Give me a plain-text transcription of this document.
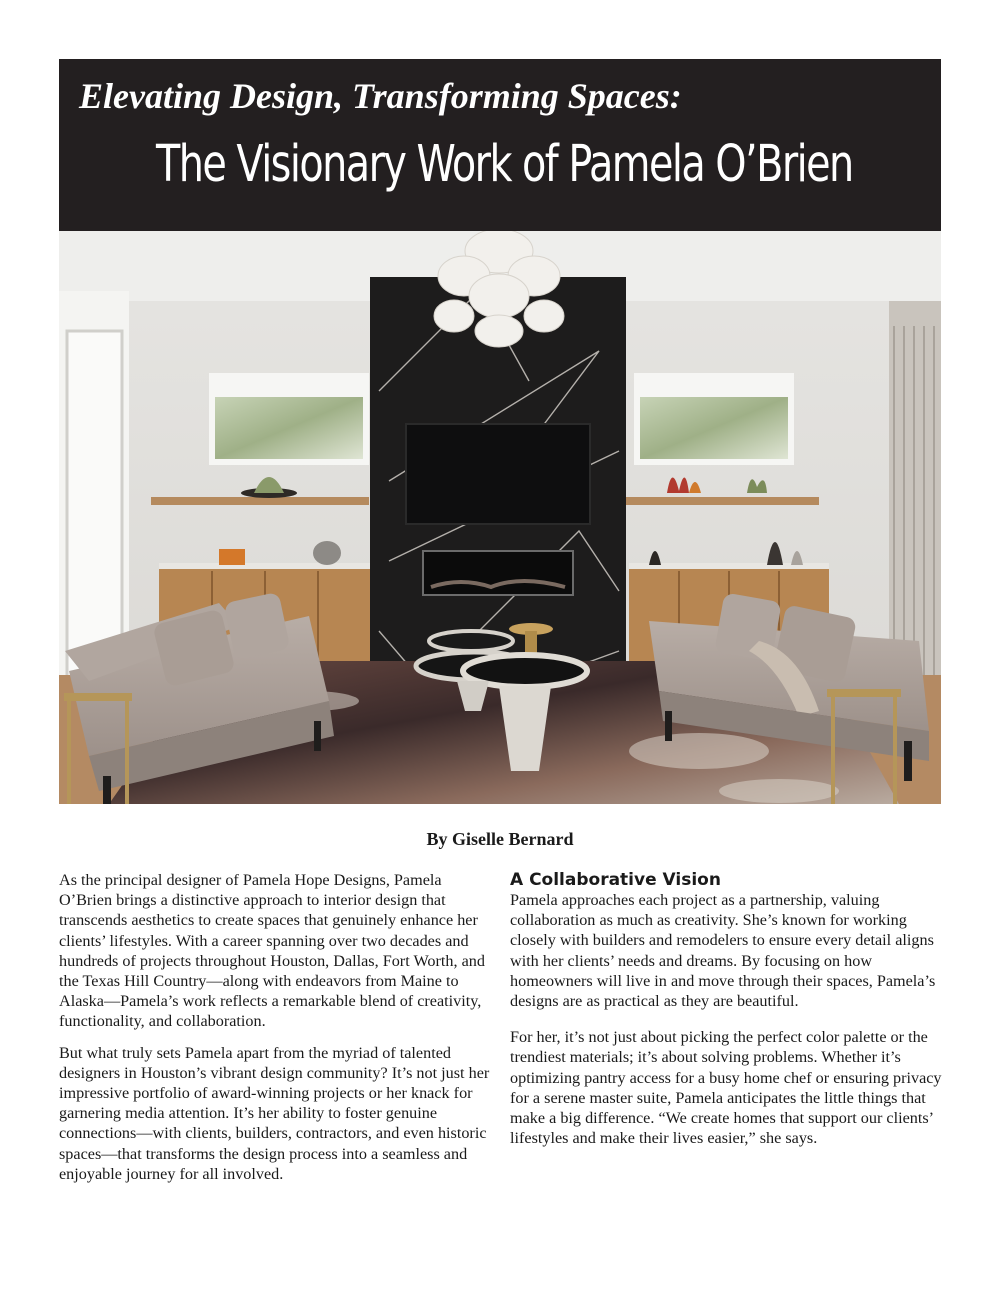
Elevating Design, Transforming Spaces:
The Visionary Work of Pamela O’Brien
By Giselle Bernard

As the principal designer of Pamela Hope Designs, Pamela O’Brien brings a distinctive approach to interior design that transcends aesthetics to create spaces that genuinely enhance her clients’ lifestyles. With a career spanning over two decades and hundreds of projects throughout Houston, Dallas, Fort Worth, and the Texas Hill Country—along with endeavors from Maine to Alaska—Pamela’s work reflects a remarkable blend of creativity, functionality, and collaboration.

But what truly sets Pamela apart from the myriad of talented designers in Houston’s vibrant design community? It’s not just her impressive portfolio of award-winning projects or her knack for garnering media attention. It’s her ability to foster genuine connections—with clients, builders, contractors, and even historic spaces—that transforms the design process into a seamless and enjoyable journey for all involved.

A Collaborative Vision

Pamela approaches each project as a partnership, valuing collaboration as much as creativity. She’s known for working closely with builders and remodelers to ensure every detail aligns with her clients’ needs and dreams. By focusing on how homeowners will live in and move through their spaces, Pamela’s designs are as practical as they are beautiful.

For her, it’s not just about picking the perfect color palette or the trendiest materials; it’s about solving problems. Whether it’s optimizing pantry access for a busy home chef or ensuring privacy for a serene master suite, Pamela anticipates the little things that make a big difference. “We create homes that support our clients’ lifestyles and make their lives easier,” she says.
